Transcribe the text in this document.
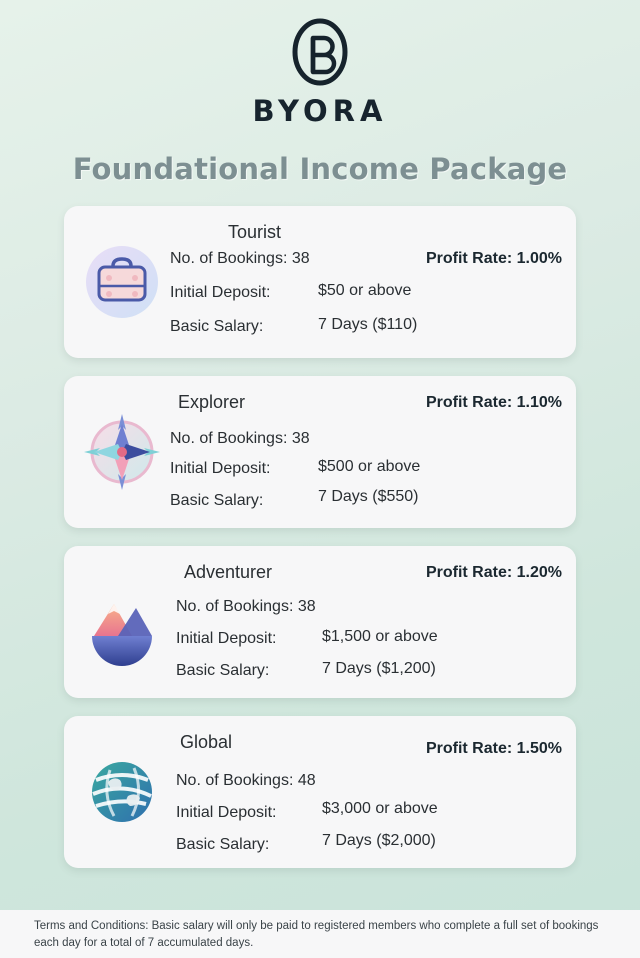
BYORA
Foundational Income Package
Tourist
Profit Rate: 1.00%
No. of Bookings: 38
Initial Deposit:	$50 or above
Basic Salary:	7 Days ($110)
Explorer	Profit Rate: 1.10%
No. of Bookings: 38
Initial Deposit:	$500 or above
Basic Salary:	7 Days ($550)
Adventurer	Profit Rate: 1.20%
No. of Bookings: 38
Initial Deposit:	$1,500 or above
Basic Salary:	7 Days ($1,200)
Global	Profit Rate: 1.50%
No. of Bookings: 48
Initial Deposit:	$3,000 or above
Basic Salary:	7 Days ($2,000)
Terms and Conditions: Basic salary will only be paid to registered members who complete a full set of bookings each day for a total of 7 accumulated days.
